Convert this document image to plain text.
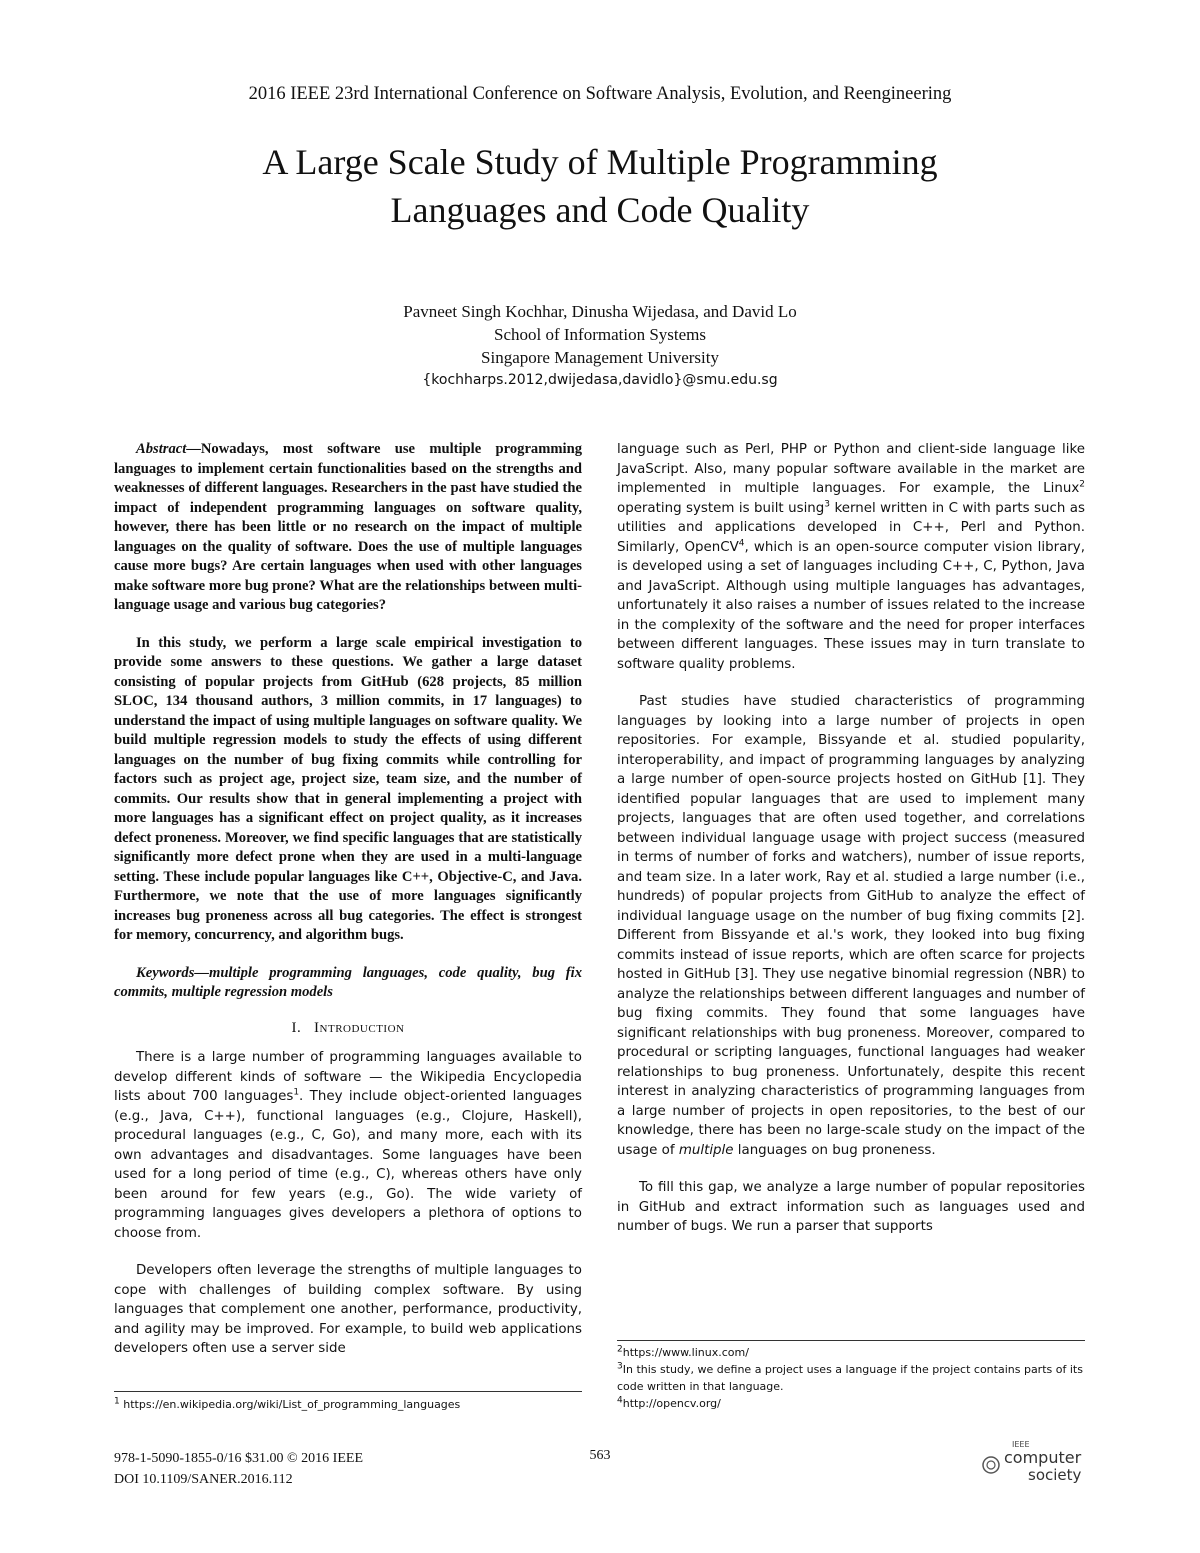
2016 IEEE 23rd International Conference on Software Analysis, Evolution, and Reengineering
A Large Scale Study of Multiple Programming
Languages and Code Quality
Pavneet Singh Kochhar, Dinusha Wijedasa, and David Lo
School of Information Systems
Singapore Management University
{kochharps.2012,dwijedasa,davidlo}@smu.edu.sg

Abstract—Nowadays, most software use multiple programming languages to implement certain functionalities based on the strengths and weaknesses of different languages. Researchers in the past have studied the impact of independent programming languages on software quality, however, there has been little or no research on the impact of multiple languages on the quality of software. Does the use of multiple languages cause more bugs? Are certain languages when used with other languages make software more bug prone? What are the relationships between multi-language usage and various bug categories?

In this study, we perform a large scale empirical investigation to provide some answers to these questions. We gather a large dataset consisting of popular projects from GitHub (628 projects, 85 million SLOC, 134 thousand authors, 3 million commits, in 17 languages) to understand the impact of using multiple languages on software quality. We build multiple regression models to study the effects of using different languages on the number of bug fixing commits while controlling for factors such as project age, project size, team size, and the number of commits. Our results show that in general implementing a project with more languages has a significant effect on project quality, as it increases defect proneness. Moreover, we find specific languages that are statistically significantly more defect prone when they are used in a multi-language setting. These include popular languages like C++, Objective-C, and Java. Furthermore, we note that the use of more languages significantly increases bug proneness across all bug categories. The effect is strongest for memory, concurrency, and algorithm bugs.

Keywords—multiple programming languages, code quality, bug fix commits, multiple regression models

I. Introduction

There is a large number of programming languages available to develop different kinds of software — the Wikipedia Encyclopedia lists about 700 languages$^1$. They include object-oriented languages (e.g., Java, C++), functional languages (e.g., Clojure, Haskell), procedural languages (e.g., C, Go), and many more, each with its own advantages and disadvantages. Some languages have been used for a long period of time (e.g., C), whereas others have only been around for few years (e.g., Go). The wide variety of programming languages gives developers a plethora of options to choose from.

Developers often leverage the strengths of multiple languages to cope with challenges of building complex software. By using languages that complement one another, performance, productivity, and agility may be improved. For example, to build web applications developers often use a server side

$^1$ https://en.wikipedia.org/wiki/List_of_programming_languages

language such as Perl, PHP or Python and client-side language like JavaScript. Also, many popular software available in the market are implemented in multiple languages. For example, the Linux$^2$ operating system is built using$^3$ kernel written in C with parts such as utilities and applications developed in C++, Perl and Python. Similarly, OpenCV$^4$, which is an open-source computer vision library, is developed using a set of languages including C++, C, Python, Java and JavaScript. Although using multiple languages has advantages, unfortunately it also raises a number of issues related to the increase in the complexity of the software and the need for proper interfaces between different languages. These issues may in turn translate to software quality problems.

Past studies have studied characteristics of programming languages by looking into a large number of projects in open repositories. For example, Bissyande et al. studied popularity, interoperability, and impact of programming languages by analyzing a large number of open-source projects hosted on GitHub [1]. They identified popular languages that are used to implement many projects, languages that are often used together, and correlations between individual language usage with project success (measured in terms of number of forks and watchers), number of issue reports, and team size. In a later work, Ray et al. studied a large number (i.e., hundreds) of popular projects from GitHub to analyze the effect of individual language usage on the number of bug fixing commits [2]. Different from Bissyande et al.'s work, they looked into bug fixing commits instead of issue reports, which are often scarce for projects hosted in GitHub [3]. They use negative binomial regression (NBR) to analyze the relationships between different languages and number of bug fixing commits. They found that some languages have significant relationships with bug proneness. Moreover, compared to procedural or scripting languages, functional languages had weaker relationships to bug proneness. Unfortunately, despite this recent interest in analyzing characteristics of programming languages from a large number of projects in open repositories, to the best of our knowledge, there has been no large-scale study on the impact of the usage of multiple languages on bug proneness.

To fill this gap, we analyze a large number of popular repositories in GitHub and extract information such as languages used and number of bugs. We run a parser that supports

$^2$https://www.linux.com/
$^3$In this study, we define a project uses a language if the project contains parts of its code written in that language.
$^4$http://opencv.org/
978-1-5090-1855-0/16 $31.00 © 2016 IEEE
DOI 10.1109/SANER.2016.112
563
IEEE
computer
society
